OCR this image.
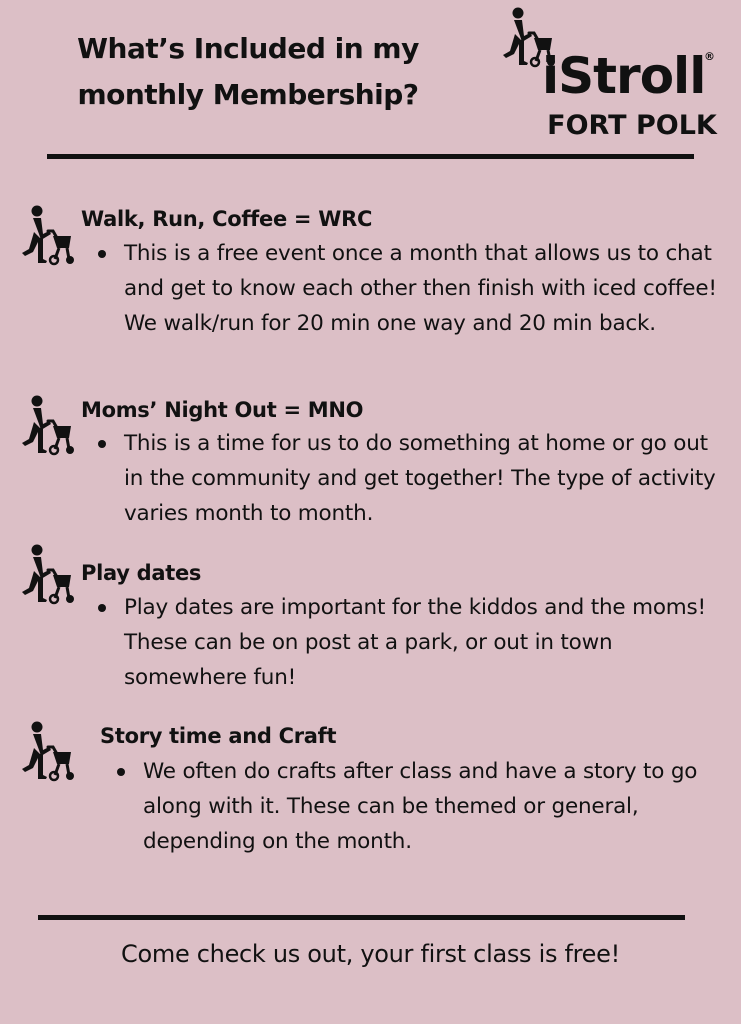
What’s Included in my
monthly Membership?	iStroll
®
FORT POLK
Walk, Run, Coffee = WRC
This is a free event once a month that allows us to chat and get to know each other then finish with iced coffee! We walk/run for 20 min one way and 20 min back.
Moms’ Night Out = MNO
This is a time for us to do something at home or go out in the community and get together! The type of activity varies month to month.
Play dates
Play dates are important for the kiddos and the moms! These can be on post at a park, or out in town somewhere fun!
Story time and Craft
We often do crafts after class and have a story to go along with it. These can be themed or general, depending on the month.
Come check us out, your first class is free!
